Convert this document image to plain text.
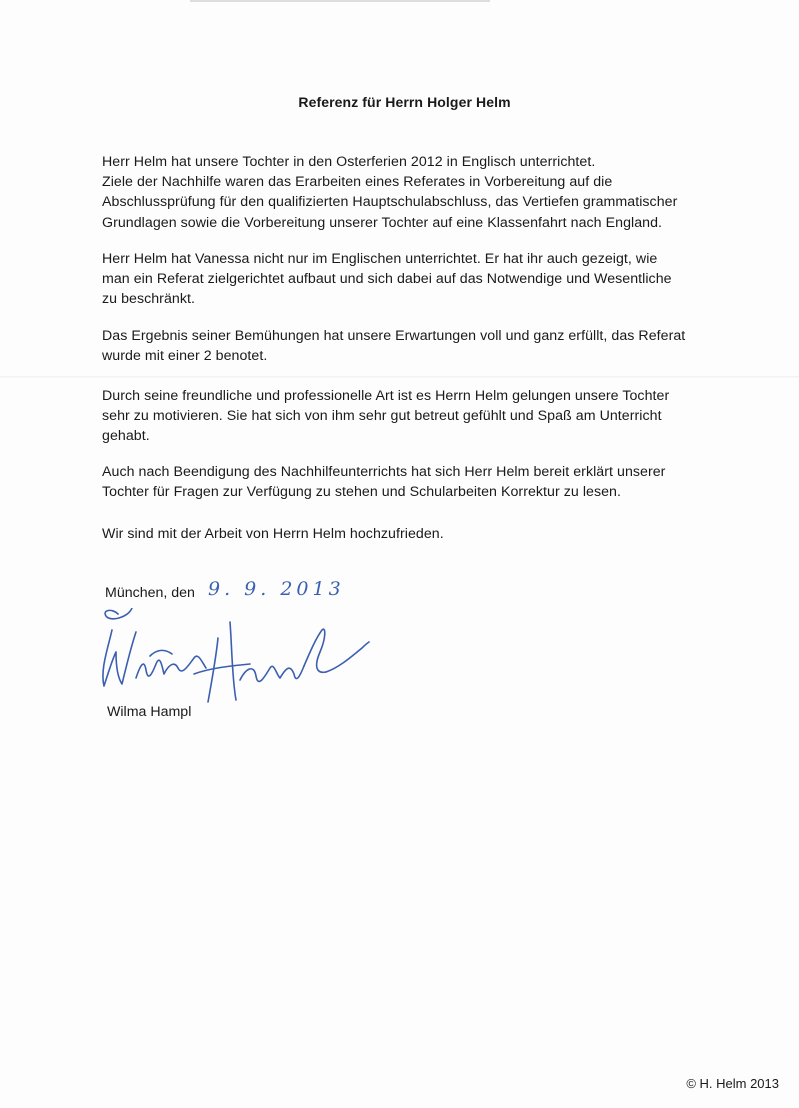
Referenz für Herrn Holger Helm

Herr Helm hat unsere Tochter in den Osterferien 2012 in Englisch unterrichtet.
Ziele der Nachhilfe waren das Erarbeiten eines Referates in Vorbereitung auf die
Abschlussprüfung für den qualifizierten Hauptschulabschluss, das Vertiefen grammatischer
Grundlagen sowie die Vorbereitung unserer Tochter auf eine Klassenfahrt nach England.

Herr Helm hat Vanessa nicht nur im Englischen unterrichtet. Er hat ihr auch gezeigt, wie
man ein Referat zielgerichtet aufbaut und sich dabei auf das Notwendige und Wesentliche
zu beschränkt.

Das Ergebnis seiner Bemühungen hat unsere Erwartungen voll und ganz erfüllt, das Referat
wurde mit einer 2 benotet.

Durch seine freundliche und professionelle Art ist es Herrn Helm gelungen unsere Tochter
sehr zu motivieren. Sie hat sich von ihm sehr gut betreut gefühlt und Spaß am Unterricht
gehabt.

Auch nach Beendigung des Nachhilfeunterrichts hat sich Herr Helm bereit erklärt unserer
Tochter für Fragen zur Verfügung zu stehen und Schularbeiten Korrektur zu lesen.

Wir sind mit der Arbeit von Herrn Helm hochzufrieden.

München, den 9. 9. 2013
Wilma Hampl
© H. Helm 2013
